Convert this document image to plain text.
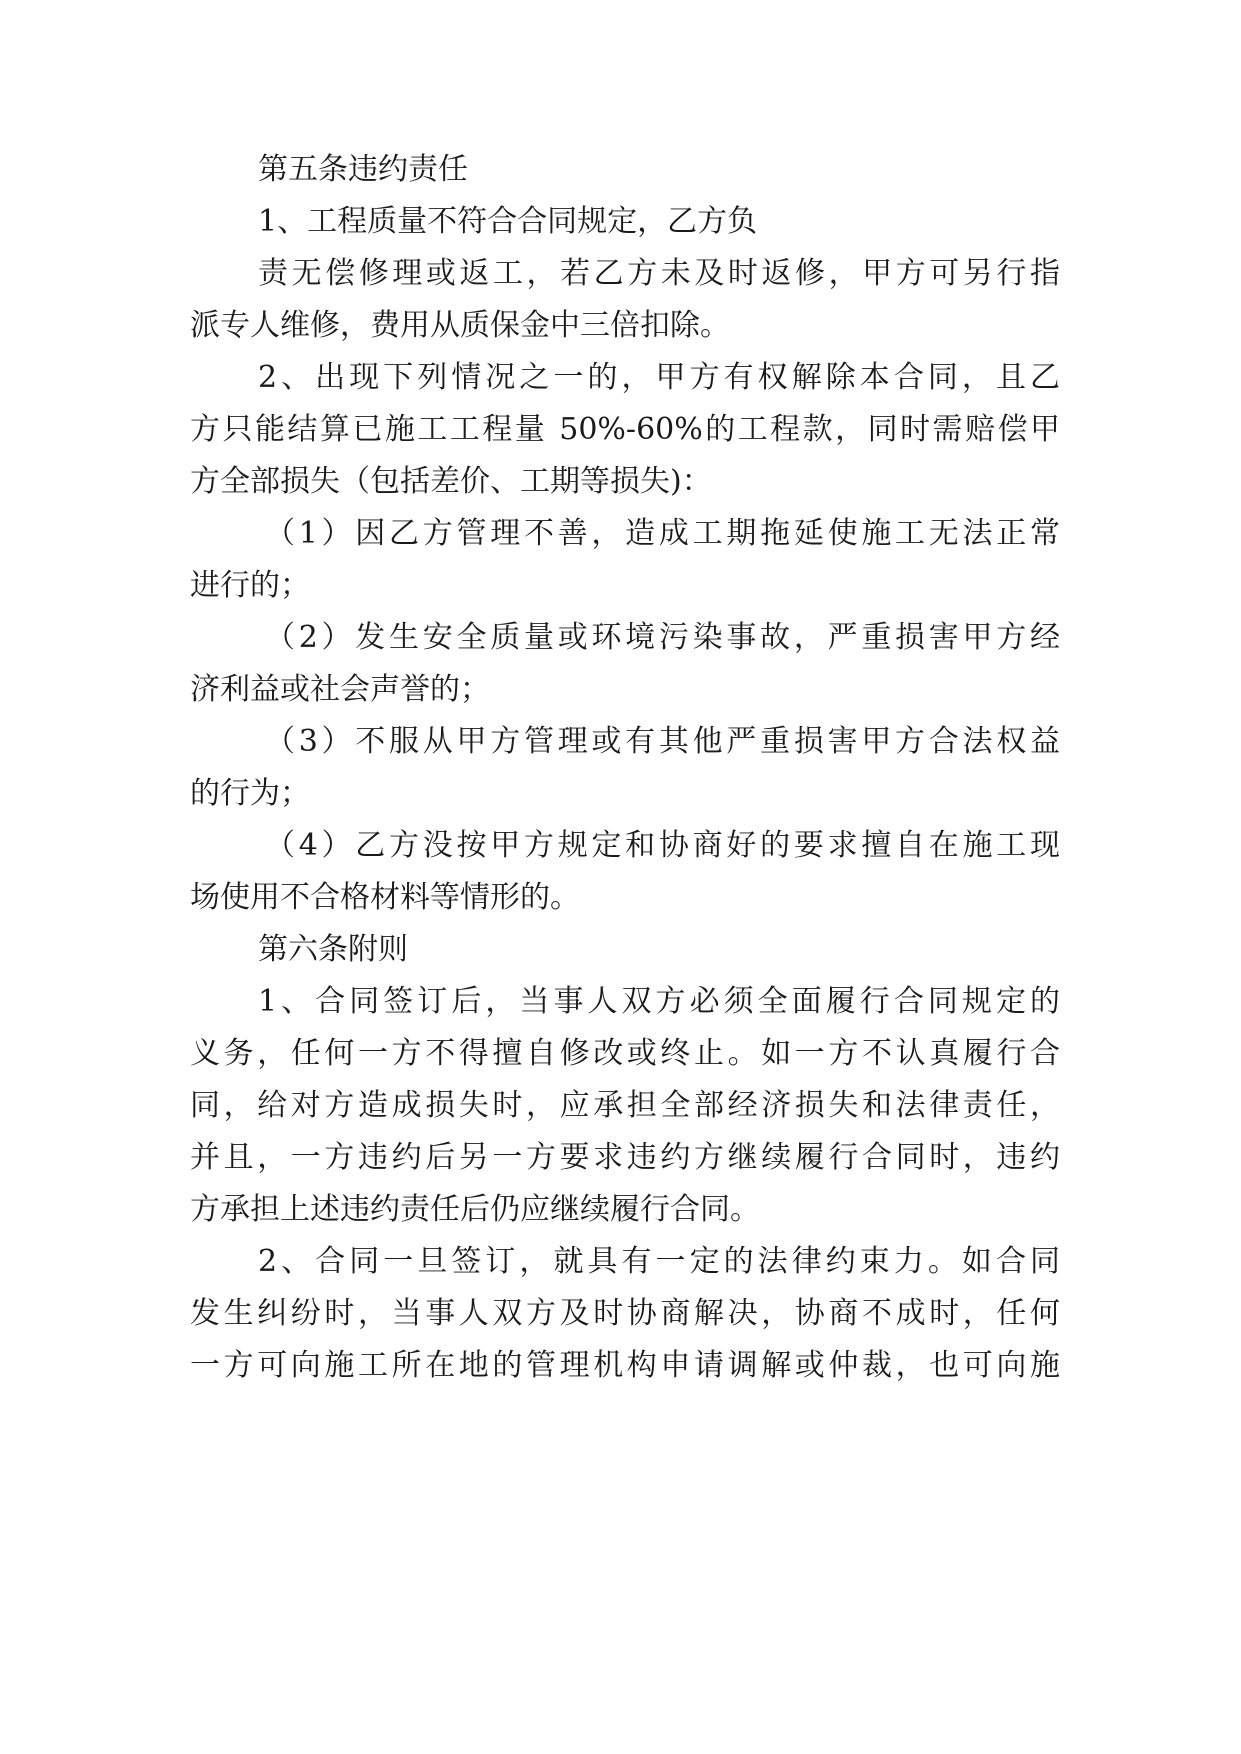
第五条违约责任

1、工程质量不符合合同规定，乙方负

责无偿修理或返工，若乙方未及时返修，甲方可另行指

派专人维修，费用从质保金中三倍扣除。

2、出现下列情况之一的，甲方有权解除本合同，且乙

方只能结算已施工工程量 50%-60%的工程款，同时需赔偿甲

方全部损失（包括差价、工期等损失)：

（1）因乙方管理不善，造成工期拖延使施工无法正常

进行的；

（2）发生安全质量或环境污染事故，严重损害甲方经

济利益或社会声誉的；

（3）不服从甲方管理或有其他严重损害甲方合法权益

的行为；

（4）乙方没按甲方规定和协商好的要求擅自在施工现

场使用不合格材料等情形的。

第六条附则

1、合同签订后，当事人双方必须全面履行合同规定的

义务，任何一方不得擅自修改或终止。如一方不认真履行合

同，给对方造成损失时，应承担全部经济损失和法律责任，

并且，一方违约后另一方要求违约方继续履行合同时，违约

方承担上述违约责任后仍应继续履行合同。

2、合同一旦签订，就具有一定的法律约束力。如合同

发生纠纷时，当事人双方及时协商解决，协商不成时，任何

一方可向施工所在地的管理机构申请调解或仲裁，也可向施
